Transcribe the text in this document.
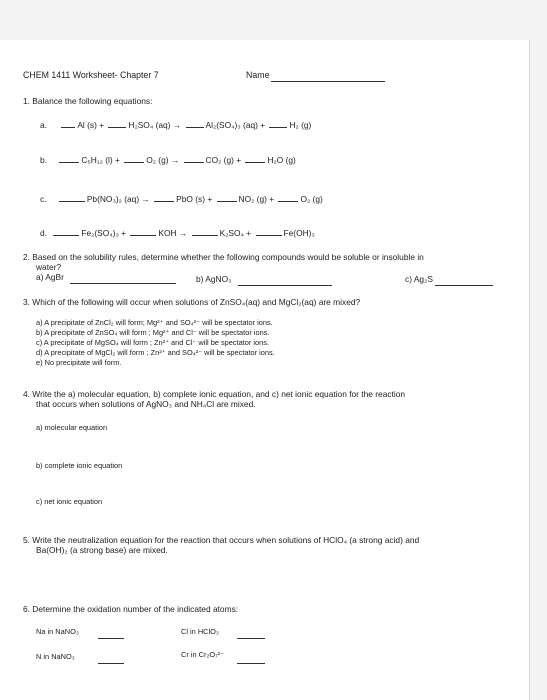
CHEM 1411 Worksheet- Chapter 7	Name
1. Balance the following equations:
a.	Al (s) +	H₂SO₄ (aq) →	Al₂(SO₄)₃ (aq) +	H₂ (g)
b.	C₅H₁₂ (l) +	O₂ (g) →	CO₂ (g) +	H₂O (g)
c.	Pb(NO₃)₂ (aq) →	PbO (s) +	NO₂ (g) +	O₂ (g)
d.	Fe₂(SO₄)₃ +	KOH →	K₂SO₄ +	Fe(OH)₃
2. Based on the solubility rules, determine whether the following compounds would be soluble or insoluble in
water?
a) AgBr	b) AgNO₃	c) Ag₂S
3. Which of the following will occur when solutions of ZnSO₄(aq) and MgCl₂(aq) are mixed?
a) A precipitate of ZnCl₂ will form; Mg²⁺ and SO₄²⁻ will be spectator ions.
b) A precipitate of ZnSO₄ will form ; Mg²⁺ and Cl⁻ will be spectator ions.
c) A precipitate of MgSO₄ will form ; Zn²⁺ and Cl⁻ will be spectator ions.
d) A precipitate of MgCl₂ will form ; Zn²⁺ and SO₄²⁻ will be spectator ions.
e) No precipitate will form.
4. Write the a) molecular equation, b) complete ionic equation, and c) net ionic equation for the reaction
that occurs when solutions of AgNO₃ and NH₄Cl are mixed.
a) molecular equation
b) complete ionic equation
c) net ionic equation
5. Write the neutralization equation for the reaction that occurs when solutions of HClO₄ (a strong acid) and
Ba(OH)₂ (a strong base) are mixed.
6. Determine the oxidation number of the indicated atoms:
Na in NaNO₃	Cl in HClO₃
N in NaNO₃	Cr in Cr₂O₇²⁻
